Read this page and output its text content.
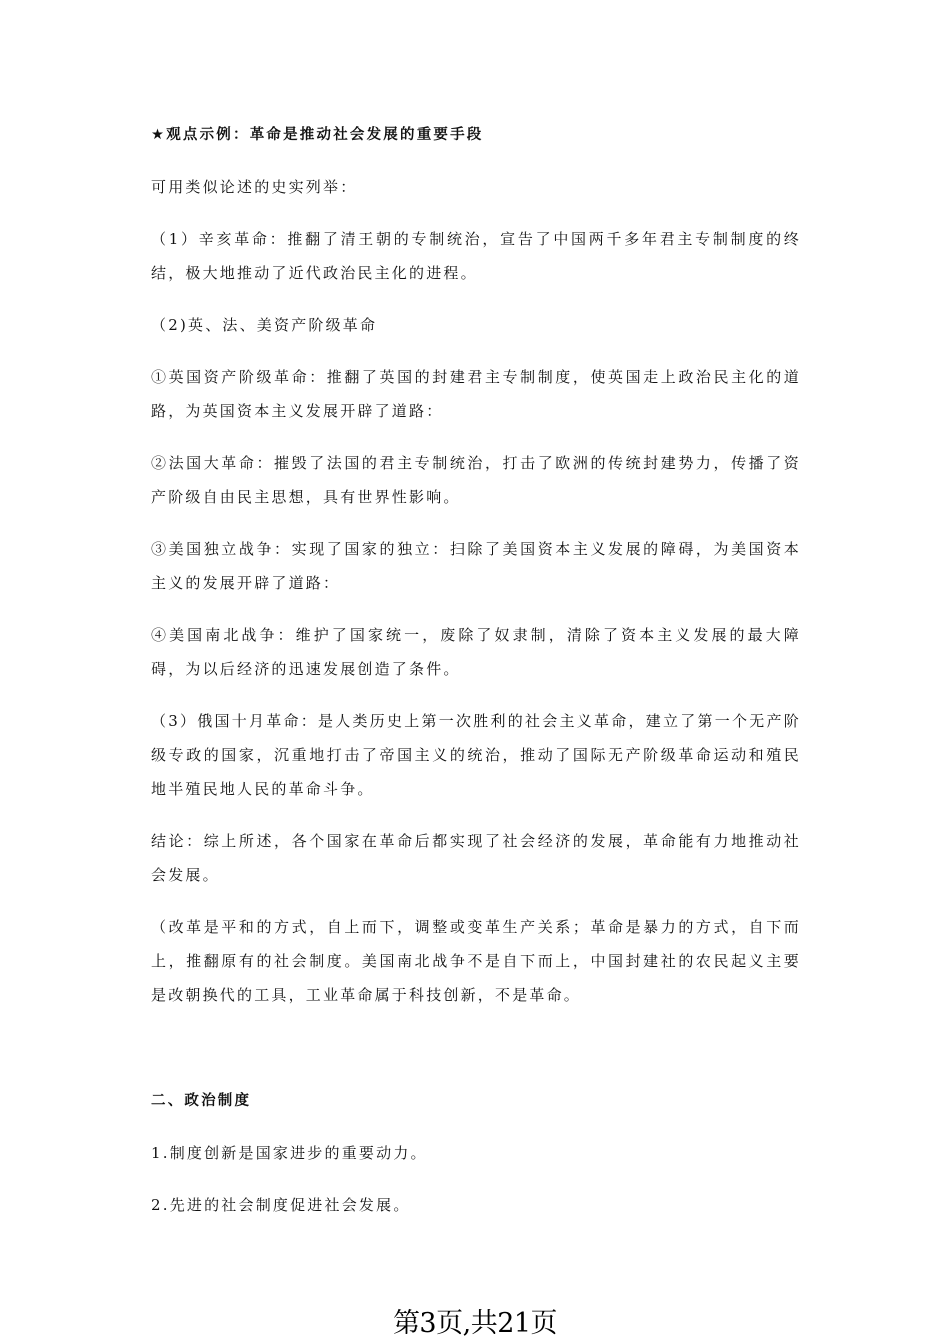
★观点示例：革命是推动社会发展的重要手段

可用类似论述的史实列举：

（1）辛亥革命：推翻了清王朝的专制统治，宣告了中国两千多年君主专制制度的终结，极大地推动了近代政治民主化的进程。

（2)英、法、美资产阶级革命

①英国资产阶级革命：推翻了英国的封建君主专制制度，使英国走上政治民主化的道路，为英国资本主义发展开辟了道路：

②法国大革命：摧毁了法国的君主专制统治，打击了欧洲的传统封建势力，传播了资产阶级自由民主思想，具有世界性影响。

③美国独立战争：实现了国家的独立：扫除了美国资本主义发展的障碍，为美国资本主义的发展开辟了道路：

④美国南北战争：维护了国家统一，废除了奴隶制，清除了资本主义发展的最大障碍，为以后经济的迅速发展创造了条件。

（3）俄国十月革命：是人类历史上第一次胜利的社会主义革命，建立了第一个无产阶级专政的国家，沉重地打击了帝国主义的统治，推动了国际无产阶级革命运动和殖民地半殖民地人民的革命斗争。

结论：综上所述，各个国家在革命后都实现了社会经济的发展，革命能有力地推动社会发展。

（改革是平和的方式，自上而下，调整或变革生产关系；革命是暴力的方式，自下而上，推翻原有的社会制度。美国南北战争不是自下而上，中国封建社的农民起义主要是改朝换代的工具，工业革命属于科技创新，不是革命。

二、政治制度

1.制度创新是国家进步的重要动力。

2.先进的社会制度促进社会发展。

第3页,共21页
